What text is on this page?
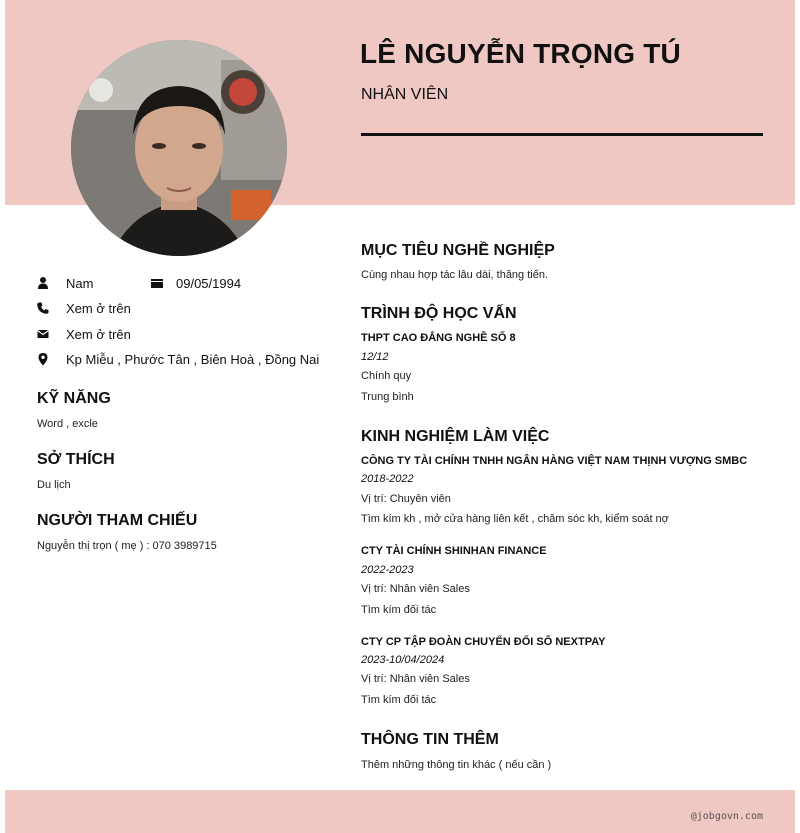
LÊ NGUYỄN TRỌNG TÚ
NHÂN VIÊN
Nam	09/05/1994
Xem ở trên
Xem ở trên
Kp Miễu , Phước Tân , Biên Hoà , Đồng Nai
KỸ NĂNG
Word , excle
SỞ THÍCH
Du lịch
NGƯỜI THAM CHIẾU
Nguyễn thị trọn ( mẹ ) : 070 3989715
MỤC TIÊU NGHỀ NGHIỆP
Cùng nhau hợp tác lâu dài, thăng tiến.
TRÌNH ĐỘ HỌC VẤN
THPT CAO ĐẲNG NGHỀ SỐ 8
12/12
Chính quy
Trung bình
KINH NGHIỆM LÀM VIỆC
CÔNG TY TÀI CHÍNH TNHH NGÂN HÀNG VIỆT NAM THỊNH VƯỢNG SMBC
2018-2022
Vị trí: Chuyên viên
Tìm kím kh , mở cửa hàng liên kết , chăm sóc kh, kiểm soát nợ
CTY TÀI CHÍNH SHINHAN FINANCE
2022-2023
Vị trí: Nhân viên Sales
Tìm kím đối tác
CTY CP TẬP ĐOÀN CHUYỂN ĐỔI SỐ NEXTPAY
2023-10/04/2024
Vị trí: Nhân viên Sales
Tìm kím đối tác
THÔNG TIN THÊM
Thêm những thông tin khác ( nếu cần )
@jobgovn.com
